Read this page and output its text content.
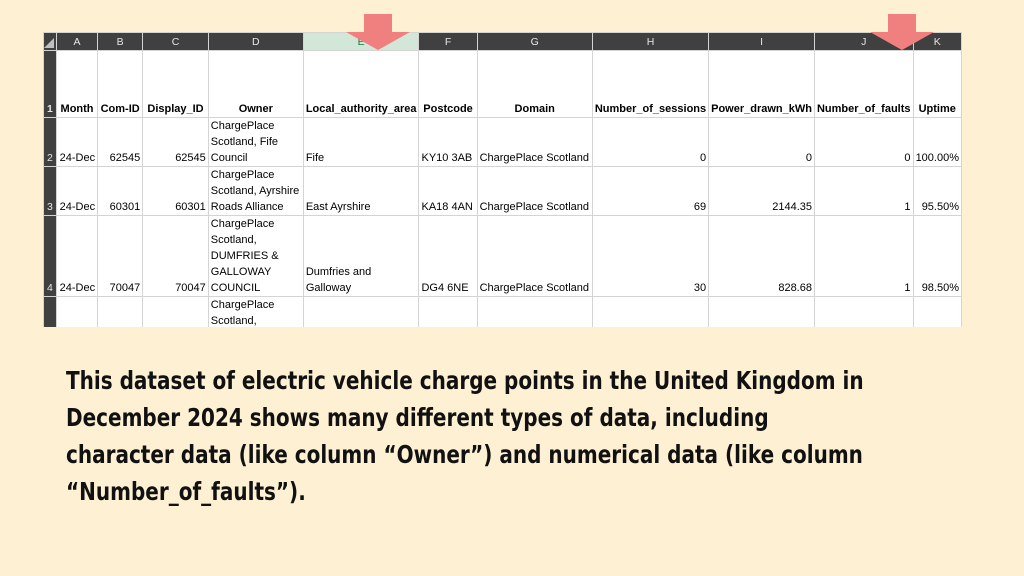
	A	B	C	D	E	F	G	H	I	J	K
1	Month	Com-ID	Display_ID	Owner	Local_authority_area	Postcode	Domain	Number_of_sessions	Power_drawn_kWh	Number_of_faults	Uptime
2	24-Dec	62545	62545	ChargePlace Scotland, Fife Council	Fife	KY10 3AB	ChargePlace Scotland	0	0	0	100.00%
3	24-Dec	60301	60301	ChargePlace Scotland, Ayrshire Roads Alliance	East Ayrshire	KA18 4AN	ChargePlace Scotland	69	2144.35	1	95.50%
4	24-Dec	70047	70047	ChargePlace Scotland, DUMFRIES & GALLOWAY COUNCIL	Dumfries and Galloway	DG4 6NE	ChargePlace Scotland	30	828.68	1	98.50%
				ChargePlace Scotland,							

This dataset of electric vehicle charge points in the United Kingdom in
December 2024 shows many different types of data, including
character data (like column “Owner”) and numerical data (like column
“Number_of_faults”).
